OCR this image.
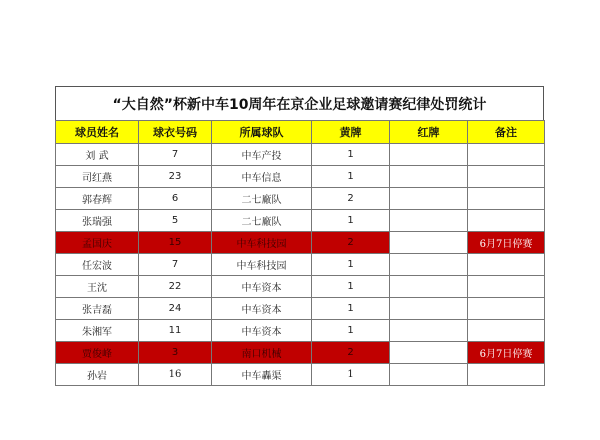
“大自然”杯新中车10周年在京企业足球邀请赛纪律处罚统计
球员姓名	球衣号码	所属球队	黄牌	红牌	备注
刘 武	7	中车产投	1		
司红燕	23	中车信息	1		
郭春辉	6	二七廠队	2		
张瑞强	5	二七廠队	1		
孟国庆	15	中车科技园	2		6月7日停赛
任宏波	7	中车科技园	1		
王沈	22	中车资本	1		
张吉磊	24	中车资本	1		
朱湘军	11	中车资本	1		
贾俊峰	3	南口机械	2		6月7日停赛
孙岩	16	中车轟渠	1		
